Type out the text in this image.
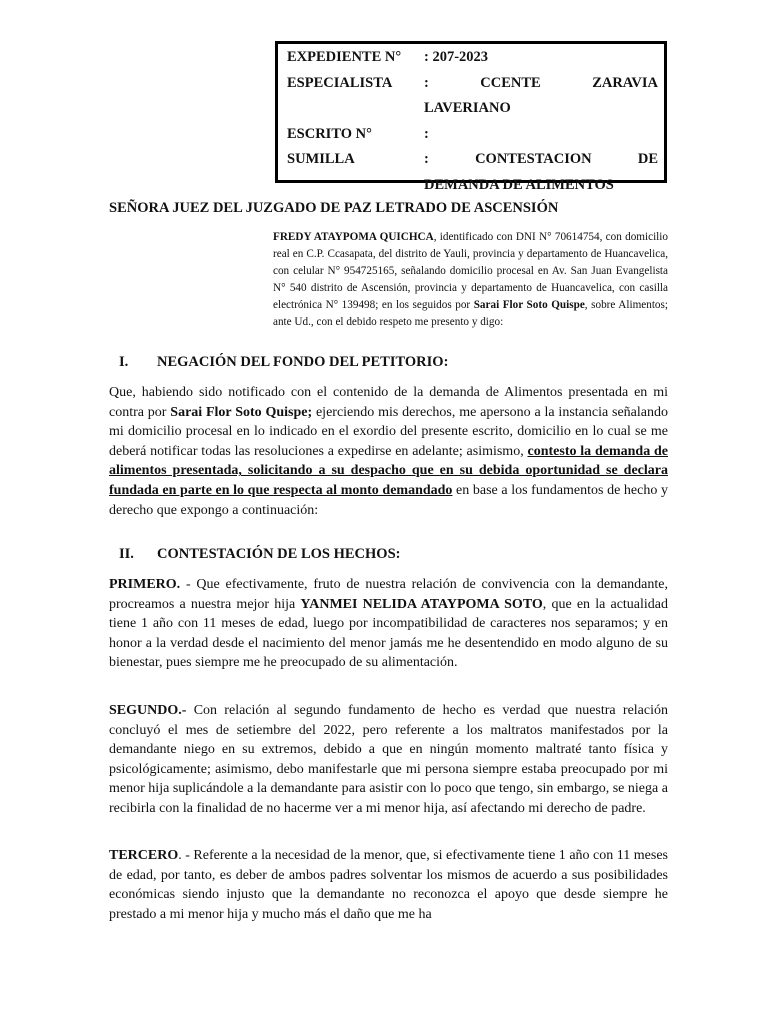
EXPEDIENTE N°	: 207-2023
ESPECIALISTA	: CCENTE ZARAVIA
LAVERIANO
ESCRITO N°	:
SUMILLA	: CONTESTACION DE
DEMANDA DE ALIMENTOS
SEÑORA JUEZ DEL JUZGADO DE PAZ LETRADO DE ASCENSIÓN

FREDY ATAYPOMA QUICHCA, identificado con DNI N° 70614754, con domicilio real en C.P. Ccasapata, del distrito de Yauli, provincia y departamento de Huancavelica, con celular N° 954725165, señalando domicilio procesal en Av. San Juan Evangelista N° 540 distrito de Ascensión, provincia y departamento de Huancavelica, con casilla electrónica N° 139498; en los seguidos por Sarai Flor Soto Quispe, sobre Alimentos; ante Ud., con el debido respeto me presento y digo:

I. NEGACIÓN DEL FONDO DEL PETITORIO:

Que, habiendo sido notificado con el contenido de la demanda de Alimentos presentada en mi contra por Sarai Flor Soto Quispe; ejerciendo mis derechos, me apersono a la instancia señalando mi domicilio procesal en lo indicado en el exordio del presente escrito, domicilio en lo cual se me deberá notificar todas las resoluciones a expedirse en adelante; asimismo, contesto la demanda de alimentos presentada, solicitando a su despacho que en su debida oportunidad se declara fundada en parte en lo que respecta al monto demandado en base a los fundamentos de hecho y derecho que expongo a continuación:

II. CONTESTACIÓN DE LOS HECHOS:

PRIMERO. - Que efectivamente, fruto de nuestra relación de convivencia con la demandante, procreamos a nuestra mejor hija YANMEI NELIDA ATAYPOMA SOTO, que en la actualidad tiene 1 año con 11 meses de edad, luego por incompatibilidad de caracteres nos separamos; y en honor a la verdad desde el nacimiento del menor jamás me he desentendido en modo alguno de su bienestar, pues siempre me he preocupado de su alimentación.

SEGUNDO.- Con relación al segundo fundamento de hecho es verdad que nuestra relación concluyó el mes de setiembre del 2022, pero referente a los maltratos manifestados por la demandante niego en su extremos, debido a que en ningún momento maltraté tanto física y psicológicamente; asimismo, debo manifestarle que mi persona siempre estaba preocupado por mi menor hija suplicándole a la demandante para asistir con lo poco que tengo, sin embargo, se niega a recibirla con la finalidad de no hacerme ver a mi menor hija, así afectando mi derecho de padre.

TERCERO. - Referente a la necesidad de la menor, que, si efectivamente tiene 1 año con 11 meses de edad, por tanto, es deber de ambos padres solventar los mismos de acuerdo a sus posibilidades económicas siendo injusto que la demandante no reconozca el apoyo que desde siempre he prestado a mi menor hija y mucho más el daño que me ha
